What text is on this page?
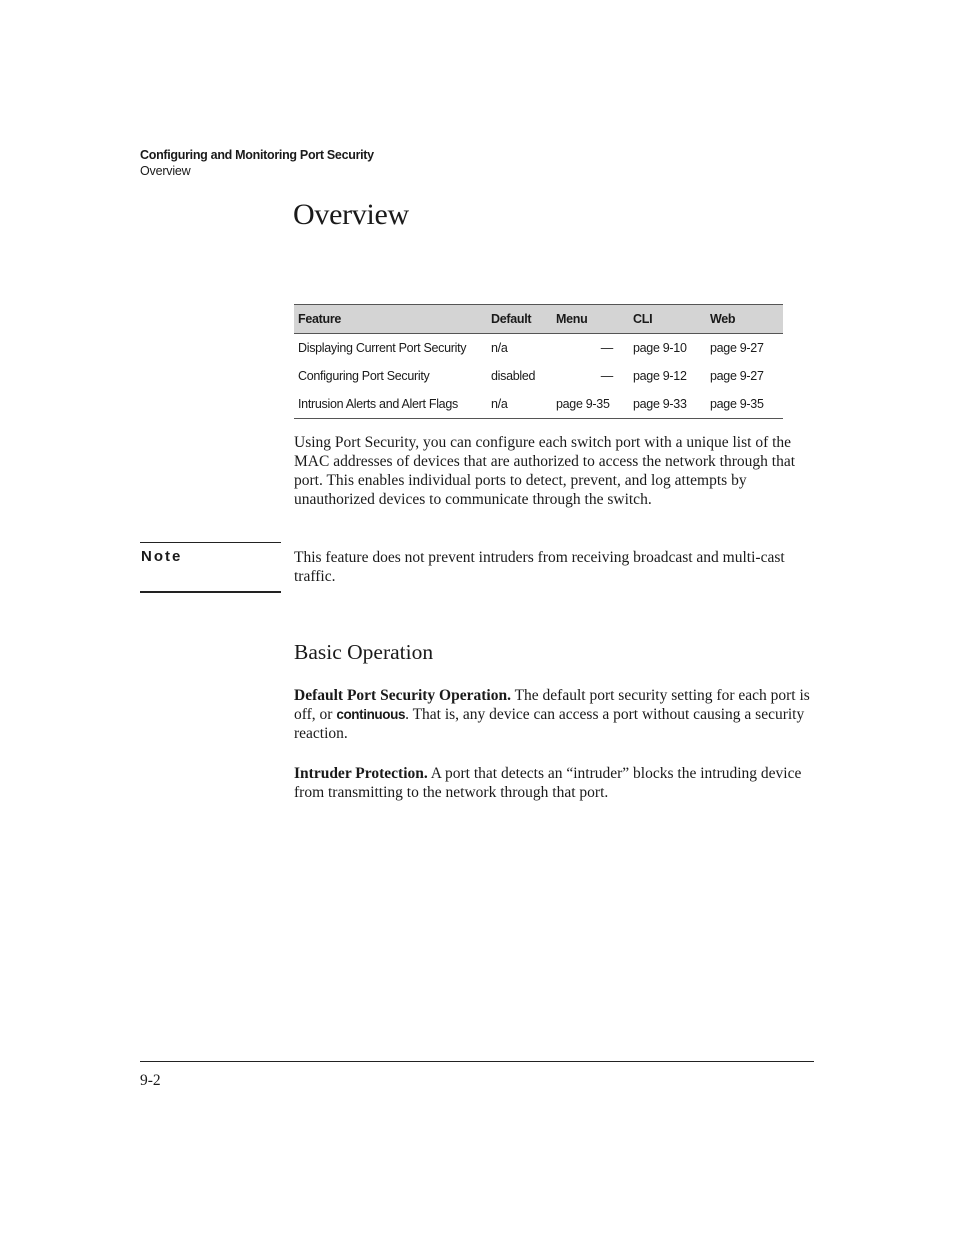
Configuring and Monitoring Port Security
Overview
Overview
Feature	Default	Menu	CLI	Web
Displaying Current Port Security	n/a	—	page 9-10	page 9-27
Configuring Port Security	disabled	—	page 9-12	page 9-27
Intrusion Alerts and Alert Flags	n/a	page 9-35	page 9-33	page 9-35

Using Port Security, you can configure each switch port with a unique list of the MAC addresses of devices that are authorized to access the network through that port. This enables individual ports to detect, prevent, and log attempts by unauthorized devices to communicate through the switch.

Note	This feature does not prevent intruders from receiving broadcast and multi-cast traffic.

Basic Operation

Default Port Security Operation. The default port security setting for each port is off, or continuous. That is, any device can access a port without causing a security reaction.

Intruder Protection. A port that detects an “intruder” blocks the intruding device from transmitting to the network through that port.

9-2
